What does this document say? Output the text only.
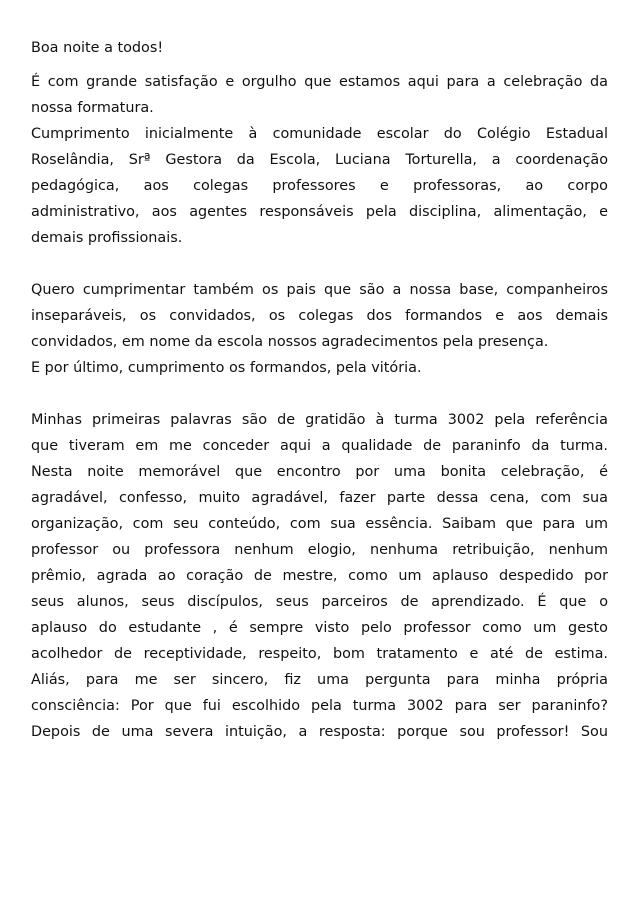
Boa noite a todos!
É com grande satisfação e orgulho que estamos aqui para a celebração da
nossa formatura.
Cumprimento inicialmente à comunidade escolar do Colégio Estadual
Roselândia, Srª Gestora da Escola, Luciana Torturella, a coordenação
pedagógica, aos colegas professores e professoras, ao corpo
administrativo, aos agentes responsáveis pela disciplina, alimentação, e
demais profissionais.
Quero cumprimentar também os pais que são a nossa base, companheiros
inseparáveis, os convidados, os colegas dos formandos e aos demais
convidados, em nome da escola nossos agradecimentos pela presença.
E por último, cumprimento os formandos, pela vitória.
Minhas primeiras palavras são de gratidão à turma 3002 pela referência
que tiveram em me conceder aqui a qualidade de paraninfo da turma.
Nesta noite memorável que encontro por uma bonita celebração, é
agradável, confesso, muito agradável, fazer parte dessa cena, com sua
organização, com seu conteúdo, com sua essência. Saibam que para um
professor ou professora nenhum elogio, nenhuma retribuição, nenhum
prêmio, agrada ao coração de mestre, como um aplauso despedido por
seus alunos, seus discípulos, seus parceiros de aprendizado. É que o
aplauso do estudante , é sempre visto pelo professor como um gesto
acolhedor de receptividade, respeito, bom tratamento e até de estima.
Aliás, para me ser sincero, fiz uma pergunta para minha própria
consciência: Por que fui escolhido pela turma 3002 para ser paraninfo?
Depois de uma severa intuição, a resposta: porque sou professor! Sou
